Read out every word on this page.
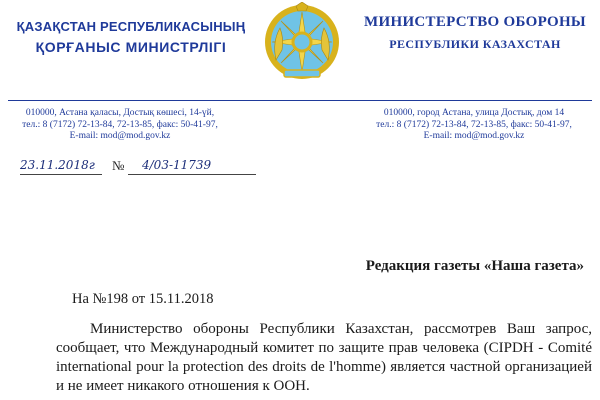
ҚАЗАҚСТАН РЕСПУБЛИКАСЫНЫҢ
ҚОРҒАНЫС МИНИСТРЛІГІ
МИНИСТЕРСТВО ОБОРОНЫ
РЕСПУБЛИКИ КАЗАХСТАН
010000, Астана қаласы, Достық көшесі, 14-үй,
тел.: 8 (7172) 72-13-84, 72-13-85, факс: 50-41-97,
E-mail: mod@mod.gov.kz
010000, город Астана, улица Достық, дом 14
тел.: 8 (7172) 72-13-84, 72-13-85, факс: 50-41-97,
E-mail: mod@mod.gov.kz
23.11.2018г № 4/03-11739
Редакция газеты «Наша газета»
На №198 от 15.11.2018
Министерство обороны Республики Казахстан, рассмотрев Ваш запрос, сообщает, что Международный комитет по защите прав человека (CIPDH - Comité international pour la protection des droits de l'homme) является частной организацией и не имеет никакого отношения к ООН.
